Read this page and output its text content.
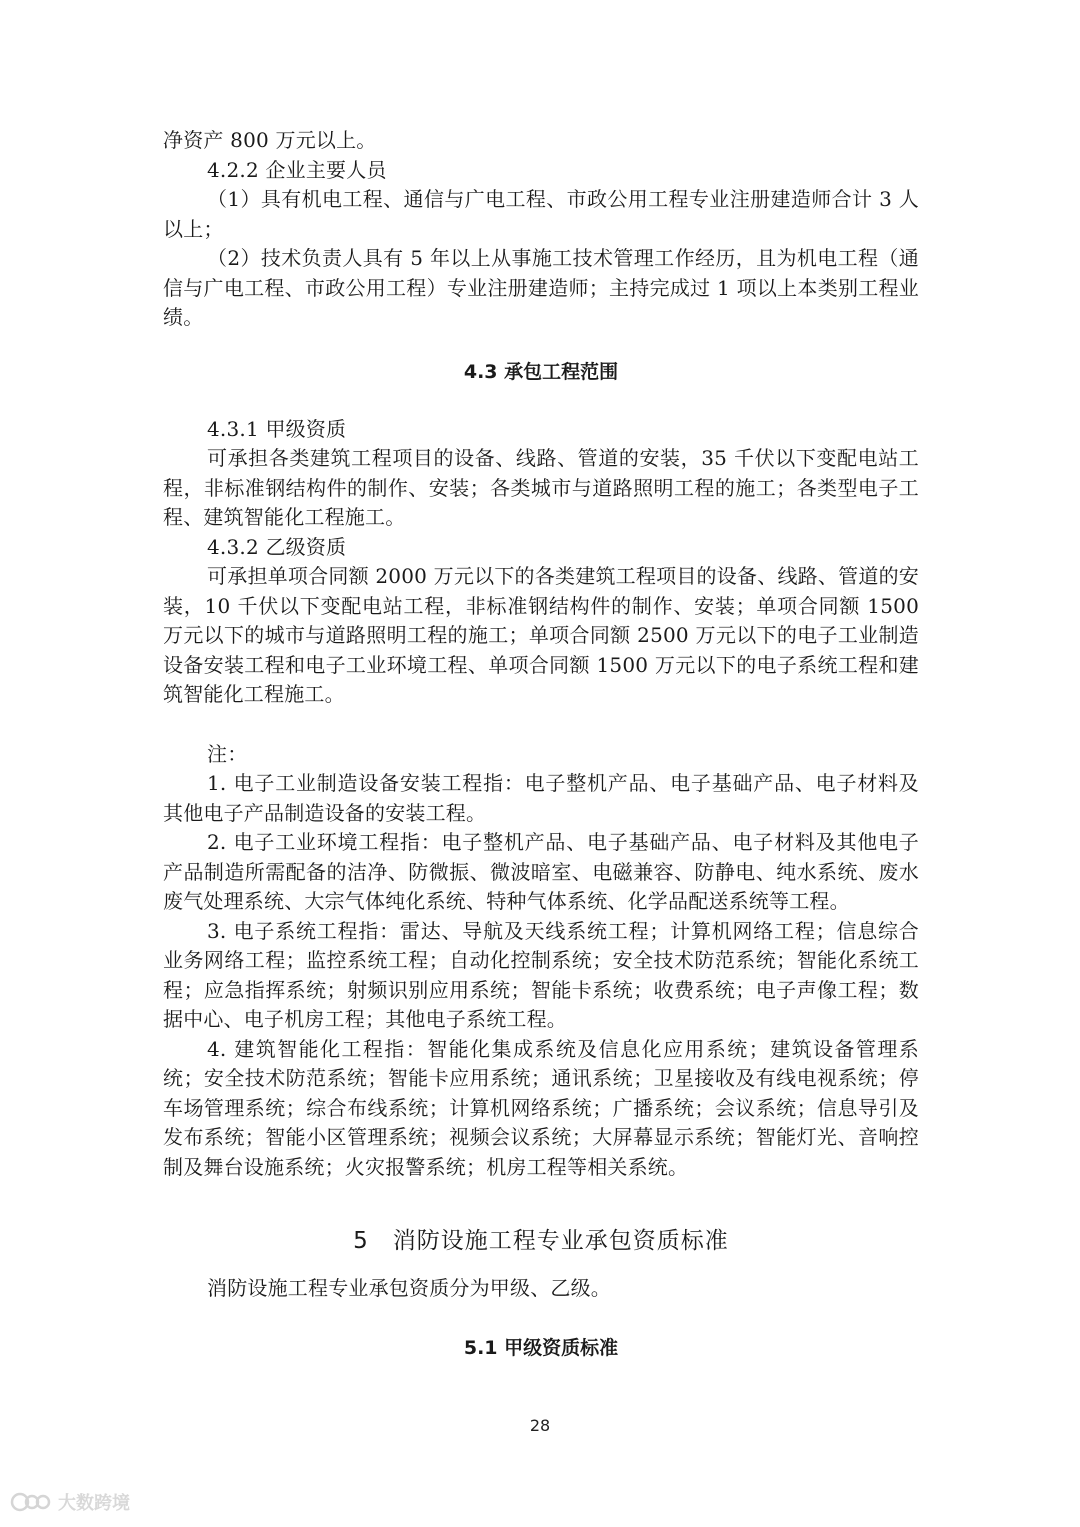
净资产 800 万元以上。

4.2.2 企业主要人员

（1）具有机电工程、通信与广电工程、市政公用工程专业注册建造师合计 3 人以上；

（2）技术负责人具有 5 年以上从事施工技术管理工作经历，且为机电工程（通信与广电工程、市政公用工程）专业注册建造师；主持完成过 1 项以上本类别工程业绩。

4.3 承包工程范围

4.3.1 甲级资质

可承担各类建筑工程项目的设备、线路、管道的安装，35 千伏以下变配电站工程，非标准钢结构件的制作、安装；各类城市与道路照明工程的施工；各类型电子工程、建筑智能化工程施工。

4.3.2 乙级资质

可承担单项合同额 2000 万元以下的各类建筑工程项目的设备、线路、管道的安装，10 千伏以下变配电站工程，非标准钢结构件的制作、安装；单项合同额 1500 万元以下的城市与道路照明工程的施工；单项合同额 2500 万元以下的电子工业制造设备安装工程和电子工业环境工程、单项合同额 1500 万元以下的电子系统工程和建筑智能化工程施工。

注：

1. 电子工业制造设备安装工程指：电子整机产品、电子基础产品、电子材料及其他电子产品制造设备的安装工程。

2. 电子工业环境工程指：电子整机产品、电子基础产品、电子材料及其他电子产品制造所需配备的洁净、防微振、微波暗室、电磁兼容、防静电、纯水系统、废水废气处理系统、大宗气体纯化系统、特种气体系统、化学品配送系统等工程。

3. 电子系统工程指：雷达、导航及天线系统工程；计算机网络工程；信息综合业务网络工程；监控系统工程；自动化控制系统；安全技术防范系统；智能化系统工程；应急指挥系统；射频识别应用系统；智能卡系统；收费系统；电子声像工程；数据中心、电子机房工程；其他电子系统工程。

4. 建筑智能化工程指：智能化集成系统及信息化应用系统；建筑设备管理系统；安全技术防范系统；智能卡应用系统；通讯系统；卫星接收及有线电视系统；停车场管理系统；综合布线系统；计算机网络系统；广播系统；会议系统；信息导引及发布系统；智能小区管理系统；视频会议系统；大屏幕显示系统；智能灯光、音响控制及舞台设施系统；火灾报警系统；机房工程等相关系统。

5　消防设施工程专业承包资质标准

消防设施工程专业承包资质分为甲级、乙级。

5.1 甲级资质标准

28
大数跨境
